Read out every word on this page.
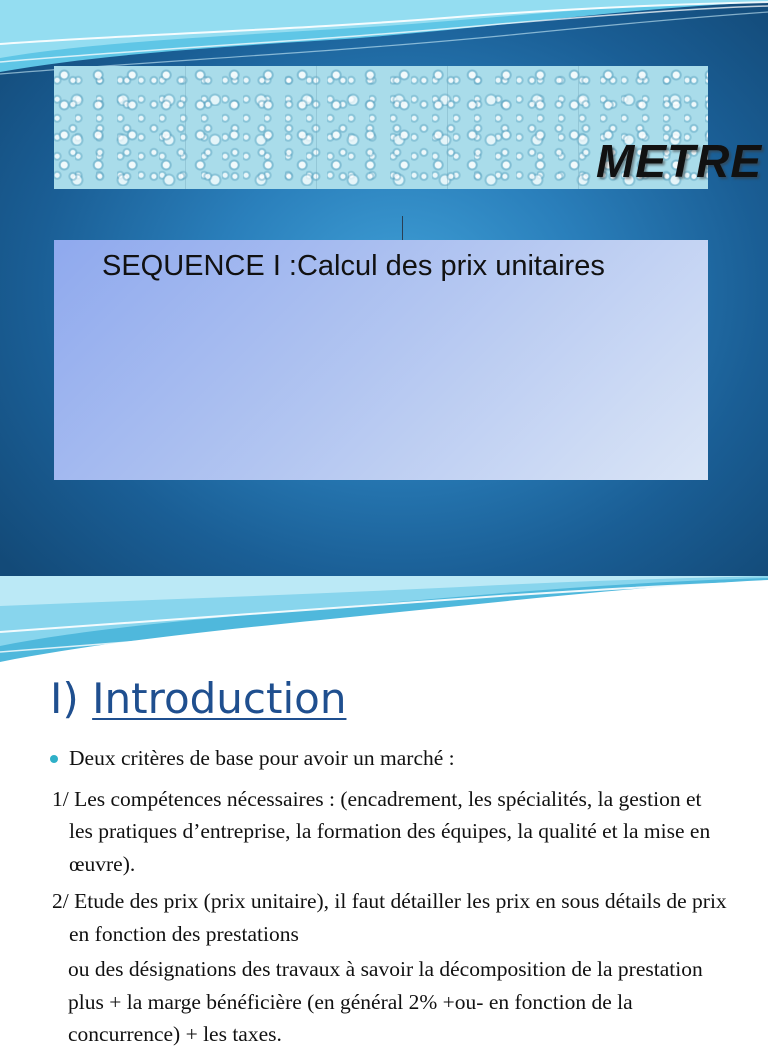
METRE

SEQUENCE I :Calcul des prix unitaires

I) Introduction

Deux critères de base pour avoir un marché :

1/ Les compétences nécessaires : (encadrement, les spécialités, la gestion et les pratiques d’entreprise, la formation des équipes, la qualité et la mise en œuvre).

2/ Etude des prix (prix unitaire), il faut détailler les prix en sous détails de prix en fonction des prestations

ou des désignations des travaux à savoir la décomposition de la prestation plus + la marge bénéficière (en général 2% +ou- en fonction de la concurrence) + les taxes.
